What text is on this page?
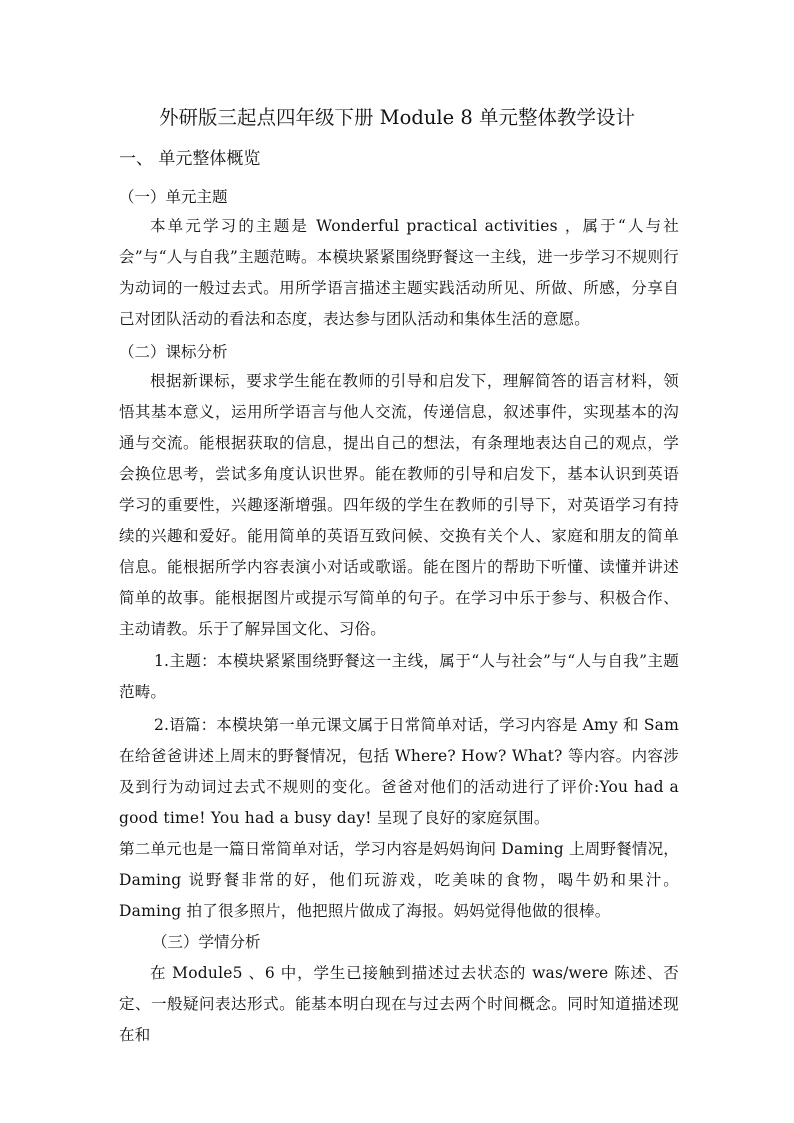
外研版三起点四年级下册 Module 8 单元整体教学设计
一、 单元整体概览
（一）单元主题
本单元学习的主题是 Wonderful practical activities ，属于“人与社会”与“人与自我”主题范畴。本模块紧紧围绕野餐这一主线，进一步学习不规则行为动词的一般过去式。用所学语言描述主题实践活动所见、所做、所感，分享自己对团队活动的看法和态度，表达参与团队活动和集体生活的意愿。
（二）课标分析
根据新课标，要求学生能在教师的引导和启发下，理解简答的语言材料，领悟其基本意义，运用所学语言与他人交流，传递信息，叙述事件，实现基本的沟通与交流。能根据获取的信息，提出自己的想法，有条理地表达自己的观点，学会换位思考，尝试多角度认识世界。能在教师的引导和启发下，基本认识到英语学习的重要性，兴趣逐渐增强。四年级的学生在教师的引导下，对英语学习有持续的兴趣和爱好。能用简单的英语互致问候、交换有关个人、家庭和朋友的简单信息。能根据所学内容表演小对话或歌谣。能在图片的帮助下听懂、读懂并讲述简单的故事。能根据图片或提示写简单的句子。在学习中乐于参与、积极合作、主动请教。乐于了解异国文化、习俗。
1.主题：本模块紧紧围绕野餐这一主线，属于“人与社会”与“人与自我”主题范畴。
2.语篇：本模块第一单元课文属于日常简单对话，学习内容是 Amy 和 Sam 在给爸爸讲述上周末的野餐情况，包括 Where? How? What? 等内容。内容涉及到行为动词过去式不规则的变化。爸爸对他们的活动进行了评价:You had a good time! You had a busy day! 呈现了良好的家庭氛围。
第二单元也是一篇日常简单对话，学习内容是妈妈询问 Daming 上周野餐情况，Daming 说野餐非常的好，他们玩游戏，吃美味的食物，喝牛奶和果汁。Daming 拍了很多照片，他把照片做成了海报。妈妈觉得他做的很棒。
（三）学情分析
在 Module5 、6 中，学生已接触到描述过去状态的 was/were 陈述、否定、一般疑问表达形式。能基本明白现在与过去两个时间概念。同时知道描述现在和
